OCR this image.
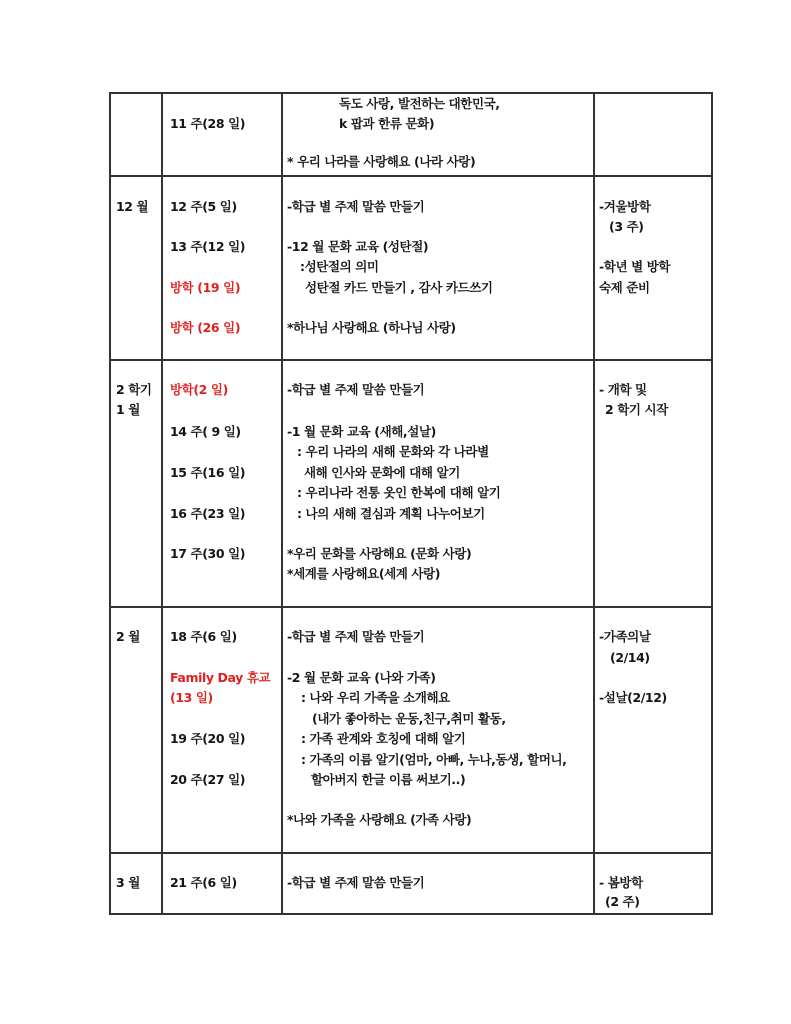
11 주(28 일)
독도 사랑, 발전하는 대한민국,
k 팝과 한류 문화)
* 우리 나라를 사랑해요 (나라 사랑)
12 월 12 주(5 일)
13 주(12 일)
방학 (19 일)
방학 (26 일)
-학급 별 주제 말씀 만들기
-12 월 문화 교육 (성탄절)
:성탄절의 의미
성탄절 카드 만들기 , 감사 카드쓰기
*하나님 사랑해요 (하나님 사랑)
-겨울방학
(3 주)
-학년 별 방학
숙제 준비
2 학기
1 월
방학(2 일)
14 주( 9 일)
15 주(16 일)
16 주(23 일)
17 주(30 일)
-학급 별 주제 말씀 만들기
-1 월 문화 교육 (새해,설날)
: 우리 나라의 새해 문화와 각 나라별
새해 인사와 문화에 대해 알기
: 우리나라 전통 옷인 한복에 대해 알기
: 나의 새해 결심과 계획 나누어보기
*우리 문화를 사랑해요 (문화 사랑)
*세계를 사랑해요(세계 사랑)
- 개학 및
2 학기 시작
2 월 18 주(6 일)
Family Day 휴교
(13 일)
19 주(20 일)
20 주(27 일)
-학급 별 주제 말씀 만들기
-2 월 문화 교육 (나와 가족)
: 나와 우리 가족을 소개해요
(내가 좋아하는 운동,친구,취미 활동,
: 가족 관계와 호칭에 대해 알기
: 가족의 이름 알기(엄마, 아빠, 누나,동생, 할머니,
할아버지 한글 이름 써보기..)
*나와 가족을 사랑해요 (가족 사랑)
-가족의날
(2/14)
-설날(2/12)
3 월 21 주(6 일)	-학급 별 주제 말씀 만들기	- 봄방학
(2 주)
